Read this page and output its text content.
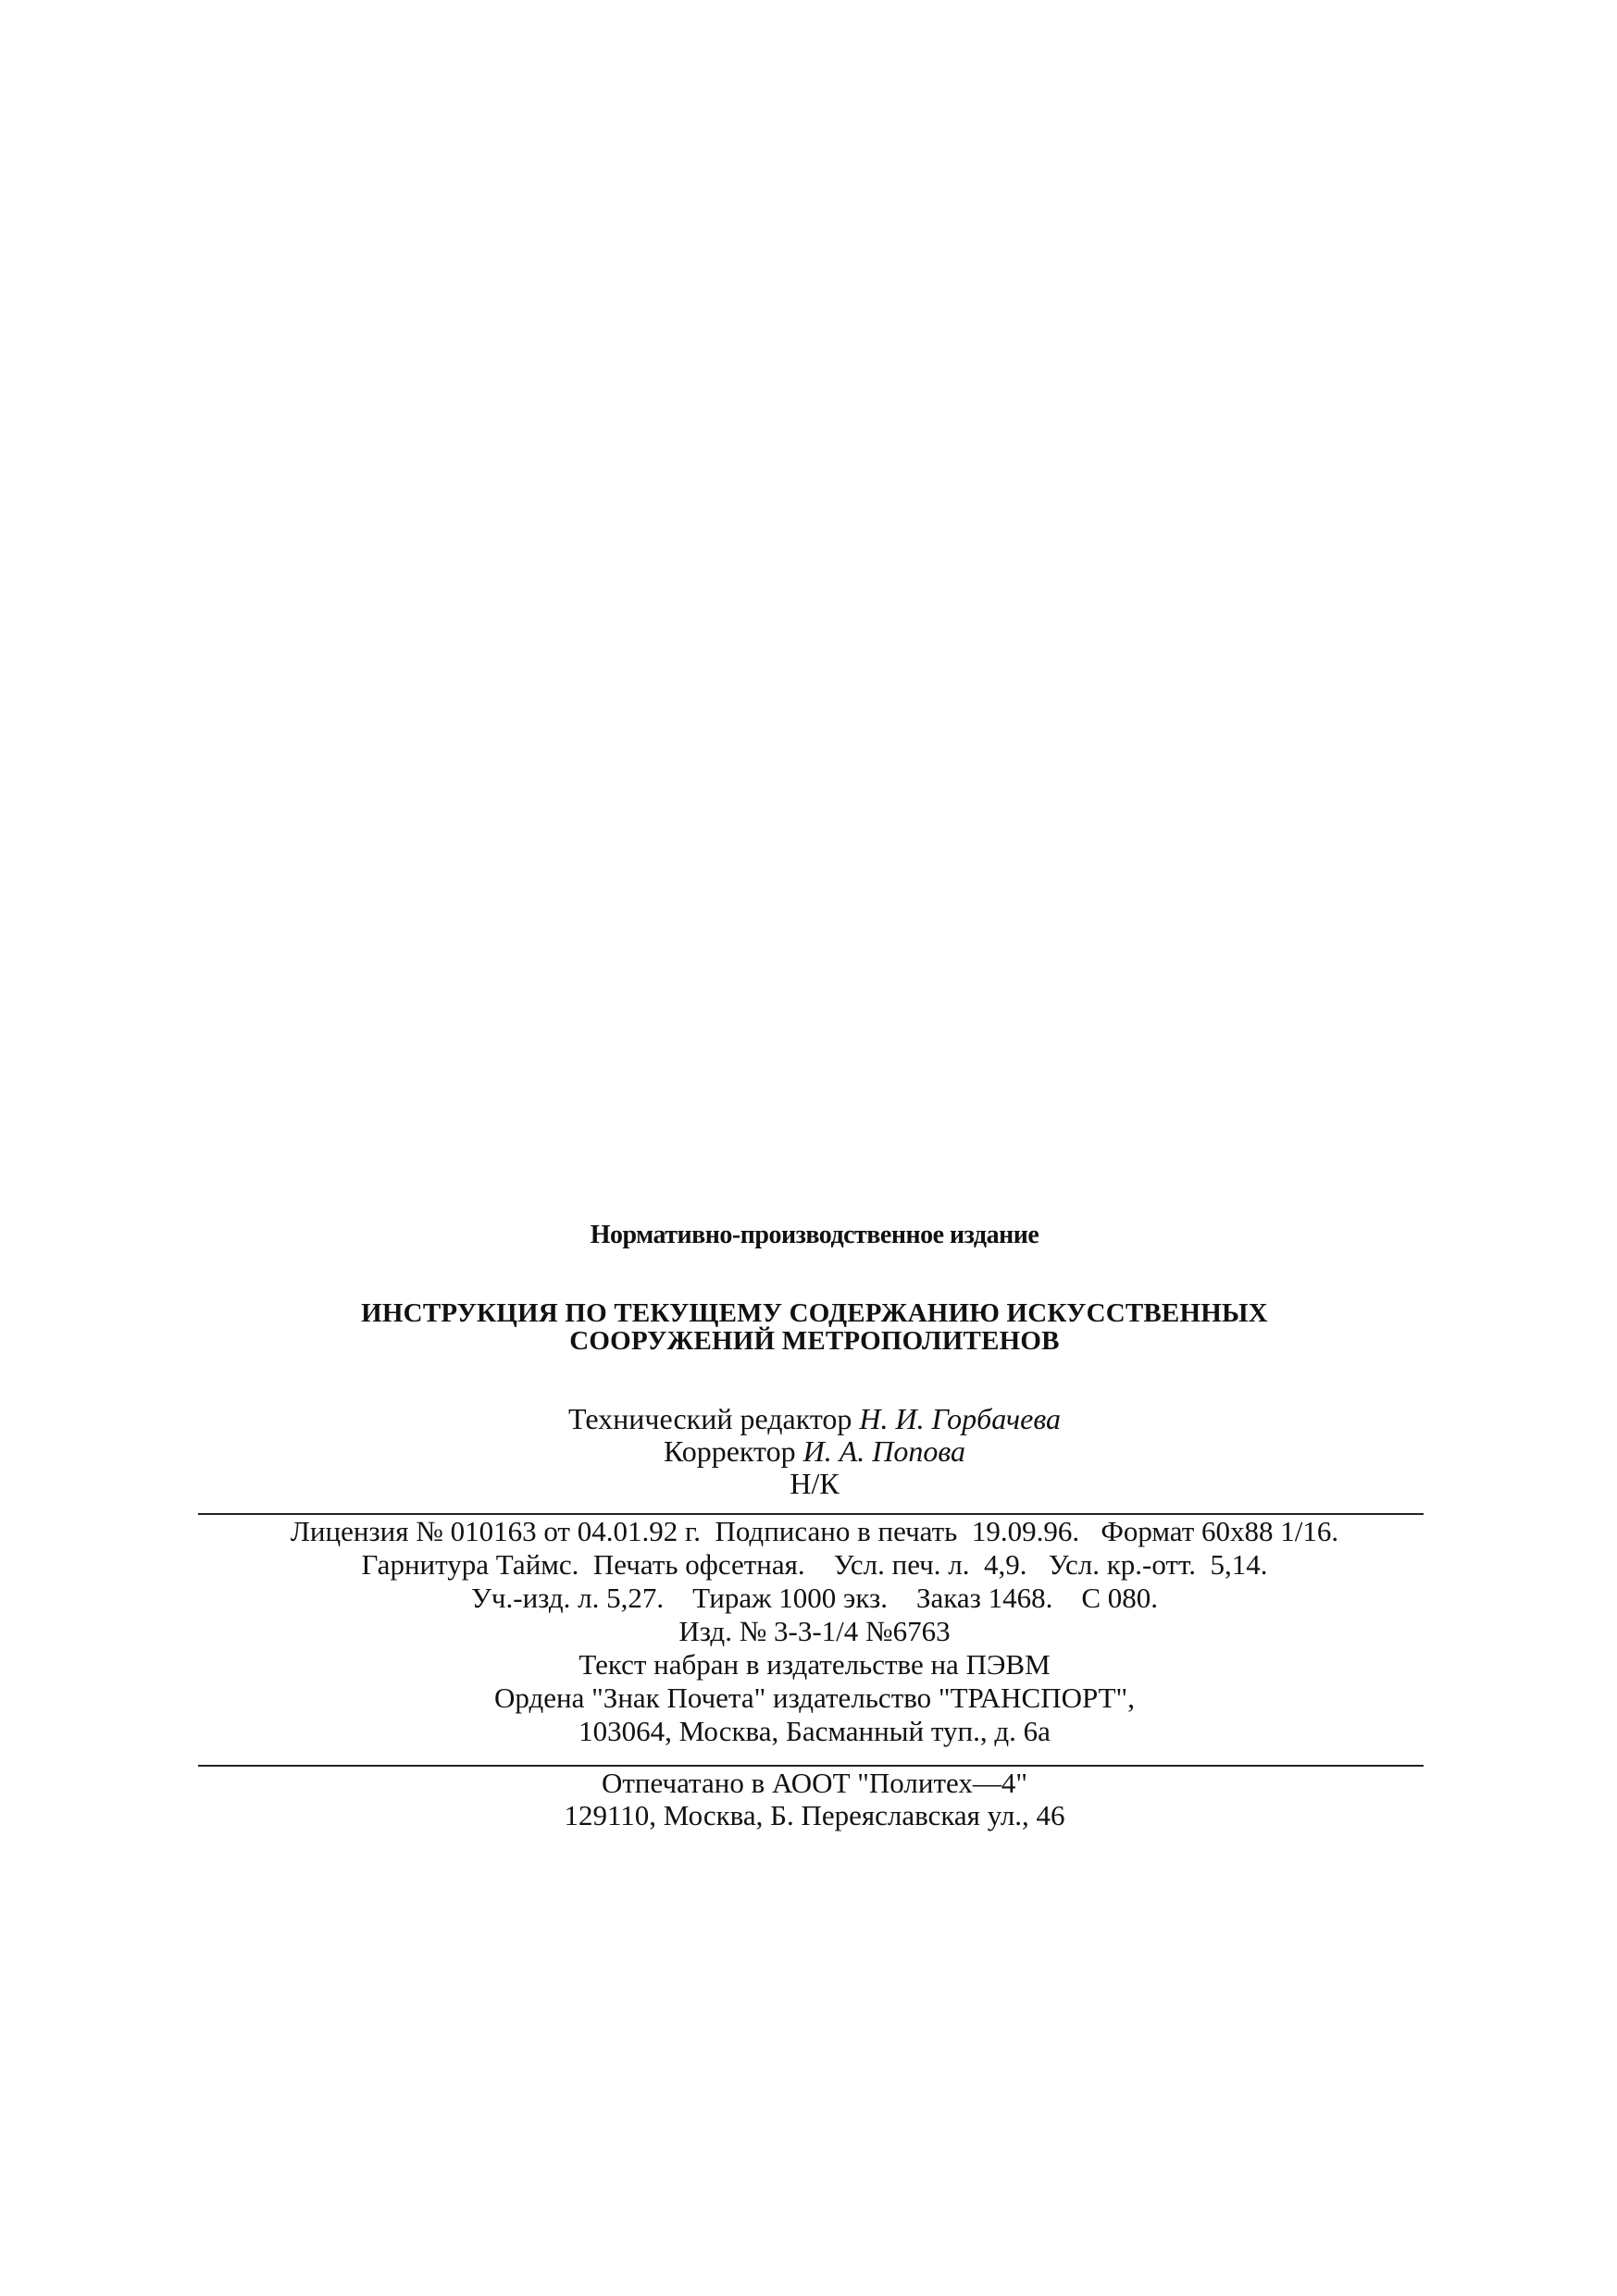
Нормативно-производственное издание
ИНСТРУКЦИЯ ПО ТЕКУЩЕМУ СОДЕРЖАНИЮ ИСКУССТВЕННЫХ
СООРУЖЕНИЙ МЕТРОПОЛИТЕНОВ
Технический редактор Н. И. Горбачева
Корректор И. А. Попова
Н/К
Лицензия № 010163 от 04.01.92 г.  Подписано в печать  19.09.96.   Формат 60x88 1/16.
Гарнитура Таймс.  Печать офсетная.    Усл. печ. л.  4,9.   Усл. кр.-отт.  5,14.
Уч.-изд. л. 5,27.    Тираж 1000 экз.    Заказ 1468.    С 080.
Изд. № 3-3-1/4 №6763
Текст набран в издательстве на ПЭВМ
Ордена "Знак Почета" издательство "ТРАНСПОРТ",
103064, Москва, Басманный туп., д. 6а
Отпечатано в АООТ "Политех—4"
129110, Москва, Б. Переяславская ул., 46
